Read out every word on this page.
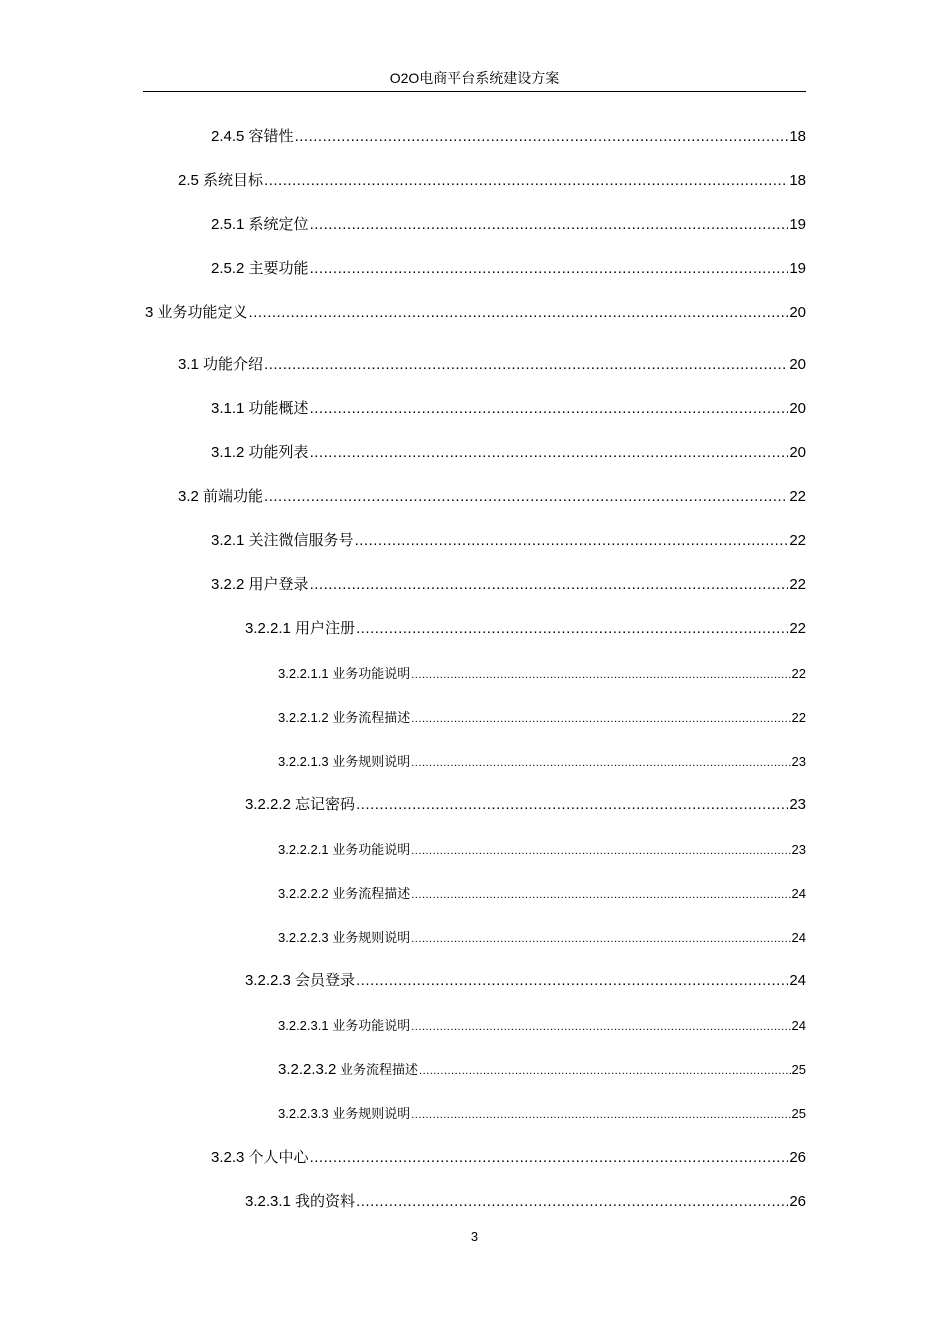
O2O电商平台系统建设方案
2.4.5 容错性 .....	18
2.5 系统目标 .....	18
2.5.1 系统定位 .....	19
2.5.2 主要功能 .....	19
3 业务功能定义 .....	20
3.1 功能介绍 .....	20
3.1.1 功能概述 .....	20
3.1.2 功能列表 .....	20
3.2 前端功能 .....	22
3.2.1 关注微信服务号 .....	22
3.2.2 用户登录 .....	22
3.2.2.1 用户注册 .....	22
3.2.2.1.1 业务功能说明 .....	22
3.2.2.1.2 业务流程描述 .....	22
3.2.2.1.3 业务规则说明 .....	23
3.2.2.2 忘记密码 .....	23
3.2.2.2.1 业务功能说明 .....	23
3.2.2.2.2 业务流程描述 .....	24
3.2.2.2.3 业务规则说明 .....	24
3.2.2.3 会员登录 .....	24
3.2.2.3.1 业务功能说明 .....	24
3.2.2.3.2 业务流程描述 .....	25
3.2.2.3.3 业务规则说明 .....	25
3.2.3 个人中心 .....	26
3.2.3.1 我的资料 .....	26
3
